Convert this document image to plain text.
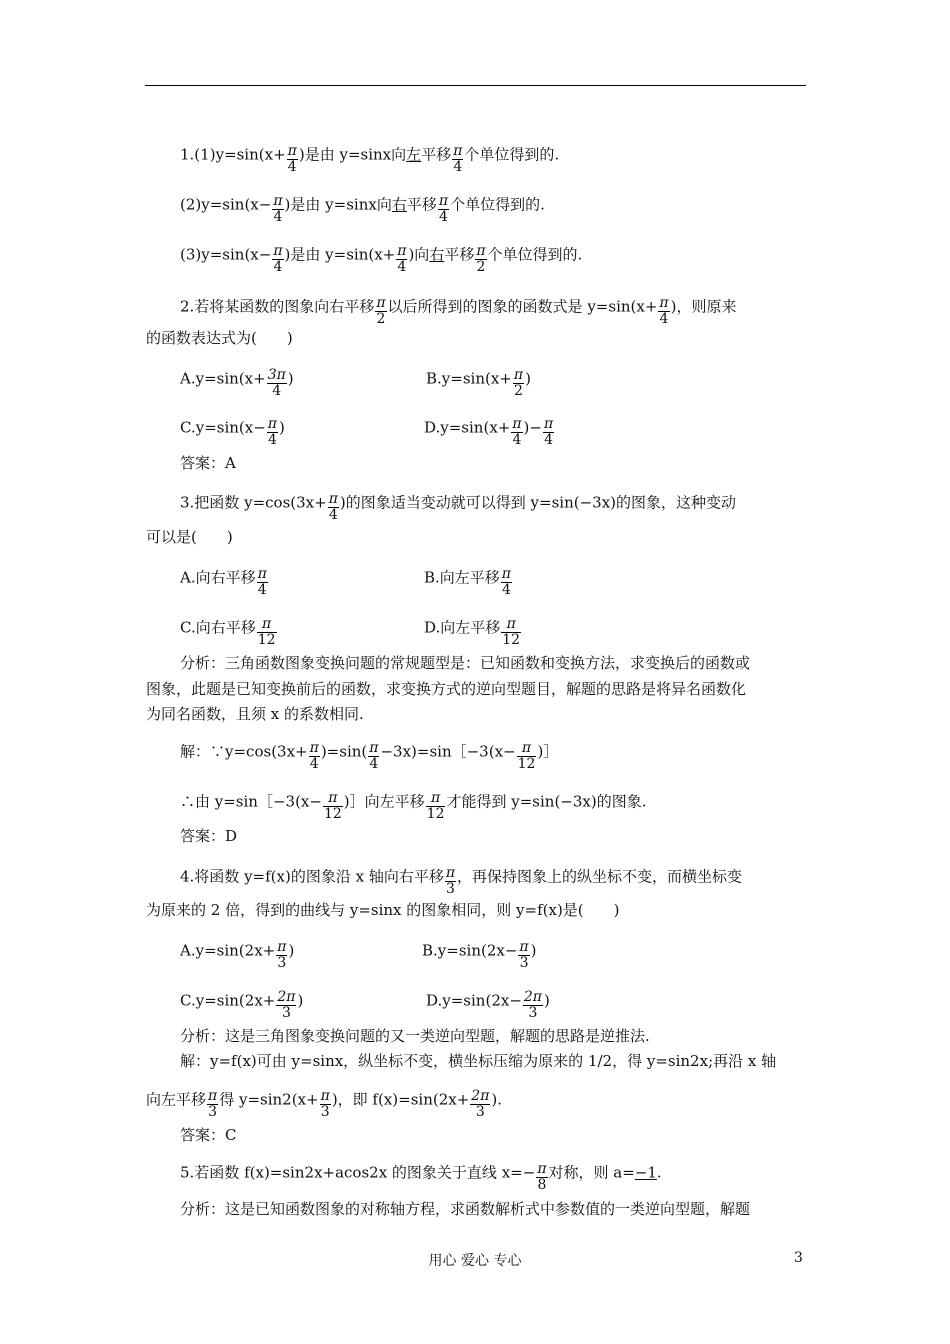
$1.(1)y=\sin(x+ \frac{\pi}{4}$ )是由 y=sinx向左平移 $\frac{\pi}{4}$ 个单位得到的.
$(2)y=\sin(x- \frac{\pi}{4}$ )是由 y=sinx向右平移 $\frac{\pi}{4}$ 个单位得到的.
$(3)y=\sin(x- \frac{\pi}{4}$ )是由 $y=\sin(x+ \frac{\pi}{4}$ )向右平移 $\frac{\pi}{2}$ 个单位得到的.
2.若将某函数的图象向右平移 $\frac{\pi}{2}$ 以后所得到的图象的函数式是 $y=\sin(x+ \frac{\pi}{4}$ )，则原来
的函数表达式为(　　)
$A.y=\sin(x+ \frac{3\pi}{4}$ )	$B.y=\sin(x+ \frac{\pi}{2}$ )
$C.y=\sin(x- \frac{\pi}{4}$ )	$D.y=\sin(x+ \frac{\pi}{4}$ )− $\frac{\pi}{4}$
答案：A
3.把函数 $y=\cos(3x+ \frac{\pi}{4}$ )的图象适当变动就可以得到 y=sin(−3x)的图象，这种变动
可以是(　　)
A.向右平移 $\frac{\pi}{4}$	B.向左平移 $\frac{\pi}{4}$
C.向右平移 $\frac{\pi}{12}$	D.向左平移 $\frac{\pi}{12}$
分析：三角函数图象变换问题的常规题型是：已知函数和变换方法，求变换后的函数或
图象，此题是已知变换前后的函数，求变换方式的逆向型题目，解题的思路是将异名函数化
为同名函数，且须 x 的系数相同.
解：∵y=cos(3x+ $\frac{\pi}{4} )=\sin( \frac{\pi}{4}$ −3x)=sin［−3(x− $\frac{\pi}{12}$ )］
∴由 y=sin［−3(x− $\frac{\pi}{12}$ )］向左平移 $\frac{\pi}{12}$ 才能得到 y=sin(−3x)的图象.
答案：D
4.将函数 y=f(x)的图象沿 x 轴向右平移 $\frac{\pi}{3}$ ，再保持图象上的纵坐标不变，而横坐标变
为原来的 2 倍，得到的曲线与 y=sinx 的图象相同，则 y=f(x)是(　　)
$A.y=\sin(2x+ \frac{\pi}{3}$ )	$B.y=\sin(2x- \frac{\pi}{3}$ )
$C.y=\sin(2x+ \frac{2\pi}{3}$ )	$D.y=\sin(2x- \frac{2\pi}{3}$ )
分析：这是三角图象变换问题的又一类逆向型题，解题的思路是逆推法.
解：y=f(x)可由 y=sinx，纵坐标不变，横坐标压缩为原来的 1/2，得 y=sin2x;再沿 x 轴
向左平移 $\frac{\pi}{3}$ 得 $y=\sin 2(x+ \frac{\pi}{3}$ )，即 $f(x)=\sin(2x+ \frac{2\pi}{3}$ ).
答案：C
5.若函数 f(x)=sin2x+acos2x 的图象关于直线 $x=- \frac{\pi}{8}$ 对称，则 a=−1.
分析：这是已知函数图象的对称轴方程，求函数解析式中参数值的一类逆向型题，解题
用心 爱心 专心	3
